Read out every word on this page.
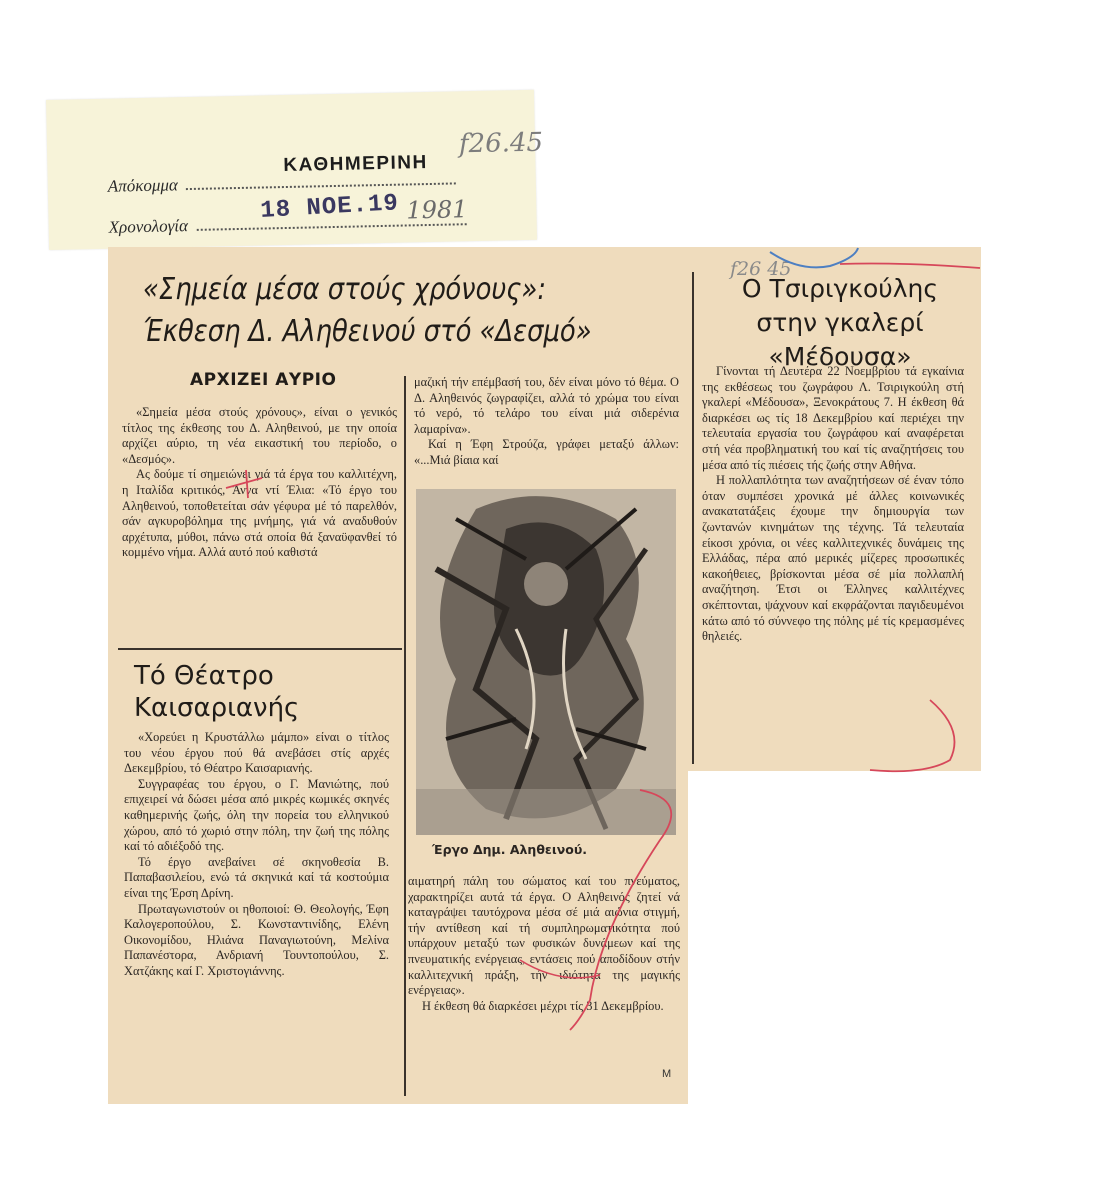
ΚΑΘΗΜΕΡΙΝΗ
f26.45
Απόκομμα
Χρονολογία
18 ΝΟΕ.19 1981
f26 45
«Σημεία μέσα στούς χρόνους»:
Έκθεση Δ. Αληθεινού στό «Δεσμό»
ΑΡΧΙΖΕΙ ΑΥΡΙΟ

«Σημεία μέσα στούς χρόνους», είναι ο γενικός τίτλος της έκθεσης του Δ. Αληθεινού, με την οποία αρχίζει αύριο, τη νέα εικαστική του περίοδο, ο «Δεσμός».

Ας δούμε τί σημειώνει γιά τά έργα του καλλιτέχνη, η Ιταλίδα κριτικός, Άννα ντί Έλια: «Τό έργο του Αληθεινού, τοποθετείται σάν γέφυρα μέ τό παρελθόν, σάν αγκυροβόλημα της μνήμης, γιά νά αναδυθούν αρχέτυπα, μύθοι, πάνω στά οποία θά ξαναϋφανθεί τό κομμένο νήμα. Αλλά αυτό πού καθιστά

μαζική τήν επέμβασή του, δέν είναι μόνο τό θέμα. Ο Δ. Αληθεινός ζωγραφίζει, αλλά τό χρώμα του είναι τό νερό, τό τελάρο του είναι μιά σιδερένια λαμαρίνα».

Καί η Έφη Στρούζα, γράφει μεταξύ άλλων: «...Μιά βίαια καί

Έργο Δημ. Αληθεινού.

αιματηρή πάλη του σώματος καί του πνεύματος, χαρακτηρίζει αυτά τά έργα. Ο Αληθεινός ζητεί νά καταγράψει ταυτόχρονα μέσα σέ μιά αιώνια στιγμή, τήν αντίθεση καί τή συμπληρωματικότητα πού υπάρχουν μεταξύ των φυσικών δυνάμεων καί της πνευματικής ενέργειας, εντάσεις πού αποδίδουν στήν καλλιτεχνική πράξη, τήν ιδιότητα της μαγικής ενέργειας».

Η έκθεση θά διαρκέσει μέχρι τίς 31 Δεκεμβρίου.

Τό Θέατρο
Καισαριανής

«Χορεύει η Κρυστάλλω μάμπο» είναι ο τίτλος του νέου έργου πού θά ανεβάσει στίς αρχές Δεκεμβρίου, τό Θέατρο Καισαριανής.

Συγγραφέας του έργου, ο Γ. Μανιώτης, πού επιχειρεί νά δώσει μέσα από μικρές κωμικές σκηνές καθημερινής ζωής, όλη την πορεία του ελληνικού χώρου, από τό χωριό στην πόλη, την ζωή της πόλης καί τό αδιέξοδό της.

Τό έργο ανεβαίνει σέ σκηνοθεσία Β. Παπαβασιλείου, ενώ τά σκηνικά καί τά κοστούμια είναι της Έρση Δρίνη.

Πρωταγωνιστούν οι ηθοποιοί: Θ. Θεολογής, Έφη Καλογεροπούλου, Σ. Κωνσταντινίδης, Ελένη Οικονομίδου, Ηλιάνα Παναγιωτούνη, Μελίνα Παπανέστορα, Ανδριανή Τουντοπούλου, Σ. Χατζάκης καί Γ. Χριστογιάννης.

Ο Τσιριγκούλης
στην γκαλερί
«Μέδουσα»

Γίνονται τή Δευτέρα 22 Νοεμβρίου τά εγκαίνια της εκθέσεως του ζωγράφου Λ. Τσιριγκούλη στή γκαλερί «Μέδουσα», Ξενοκράτους 7. Η έκθεση θά διαρκέσει ως τίς 18 Δεκεμβρίου καί περιέχει την τελευταία εργασία του ζωγράφου καί αναφέρεται στή νέα προβληματική του καί τίς αναζητήσεις του μέσα από τίς πιέσεις τής ζωής στην Αθήνα.

Η πολλαπλότητα των αναζητήσεων σέ έναν τόπο όταν συμπέσει χρονικά μέ άλλες κοινωνικές ανακατατάξεις έχουμε την δημιουργία των ζωντανών κινημάτων της τέχνης. Τά τελευταία είκοσι χρόνια, οι νέες καλλιτεχνικές δυνάμεις της Ελλάδας, πέρα από μερικές μίζερες προσωπικές κακοήθειες, βρίσκονται μέσα σέ μία πολλαπλή αναζήτηση. Έτσι οι Έλληνες καλλιτέχνες σκέπτονται, ψάχνουν καί εκφράζονται παγιδευμένοι κάτω από τό σύννεφο της πόλης μέ τίς κρεμασμένες θηλειές.

Μ
